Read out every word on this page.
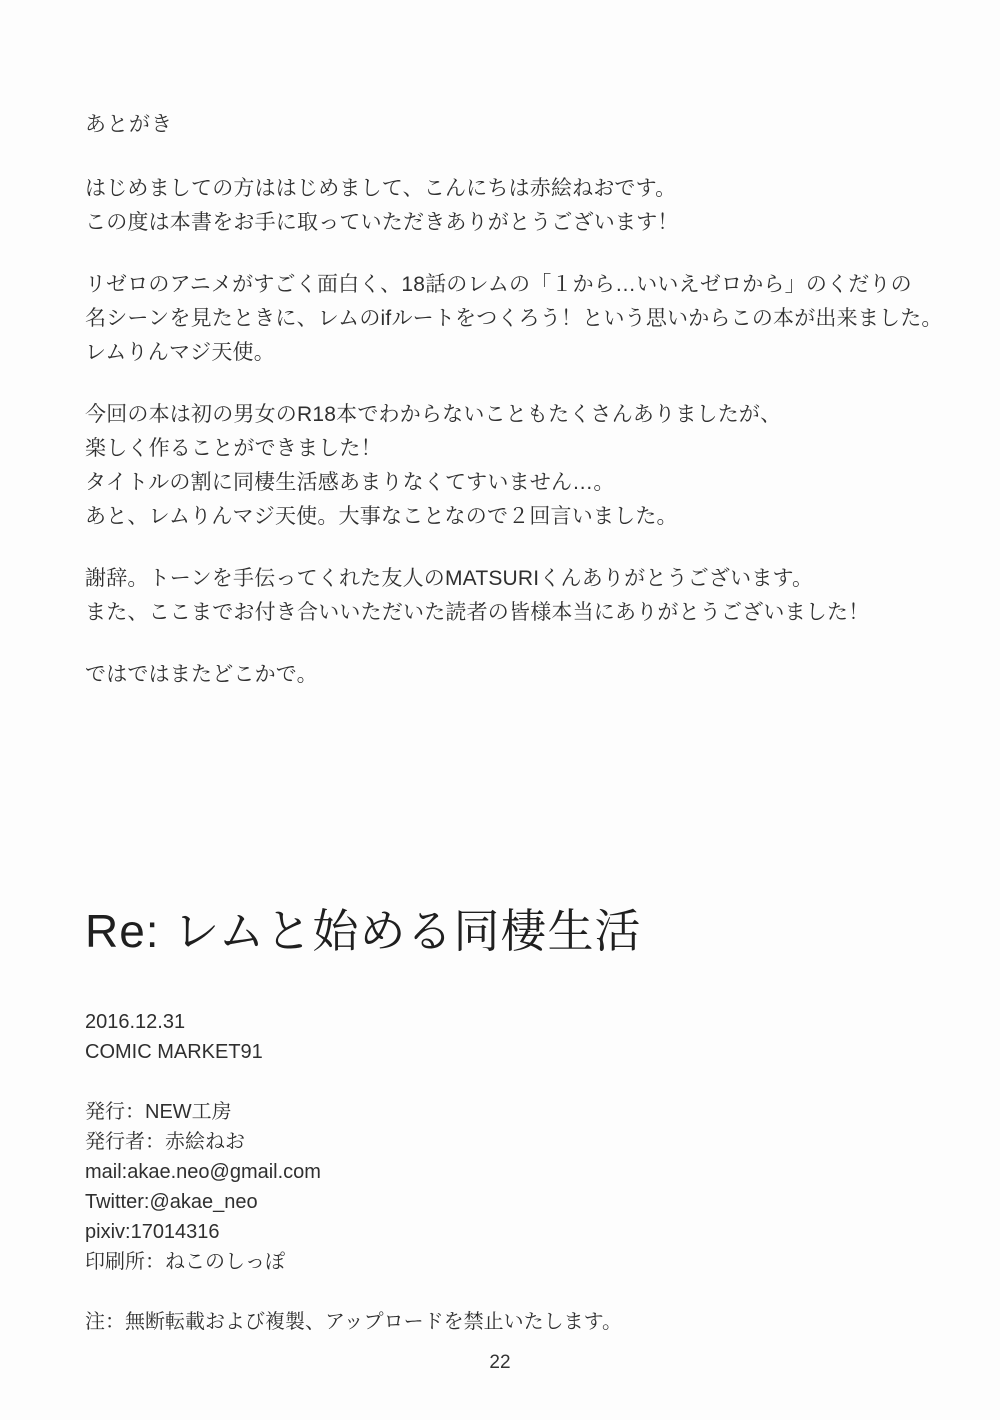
あとがき
はじめましての方ははじめまして、こんにちは赤絵ねおです。
この度は本書をお手に取っていただきありがとうございます！
リゼロのアニメがすごく面白く、18話のレムの「１から…いいえゼロから」のくだりの
名シーンを見たときに、レムのifルートをつくろう！という思いからこの本が出来ました。
レムりんマジ天使。
今回の本は初の男女のR18本でわからないこともたくさんありましたが、
楽しく作ることができました！
タイトルの割に同棲生活感あまりなくてすいません…。
あと、レムりんマジ天使。大事なことなので２回言いました。
謝辞。トーンを手伝ってくれた友人のMATSURIくんありがとうございます。
また、ここまでお付き合いいただいた読者の皆様本当にありがとうございました！
ではではまたどこかで。
Re: レムと始める同棲生活
2016.12.31
COMIC MARKET91
発行：NEW工房
発行者：赤絵ねお
mail:akae.neo@gmail.com
Twitter:@akae_neo
pixiv:17014316
印刷所：ねこのしっぽ
注：無断転載および複製、アップロードを禁止いたします。
22
